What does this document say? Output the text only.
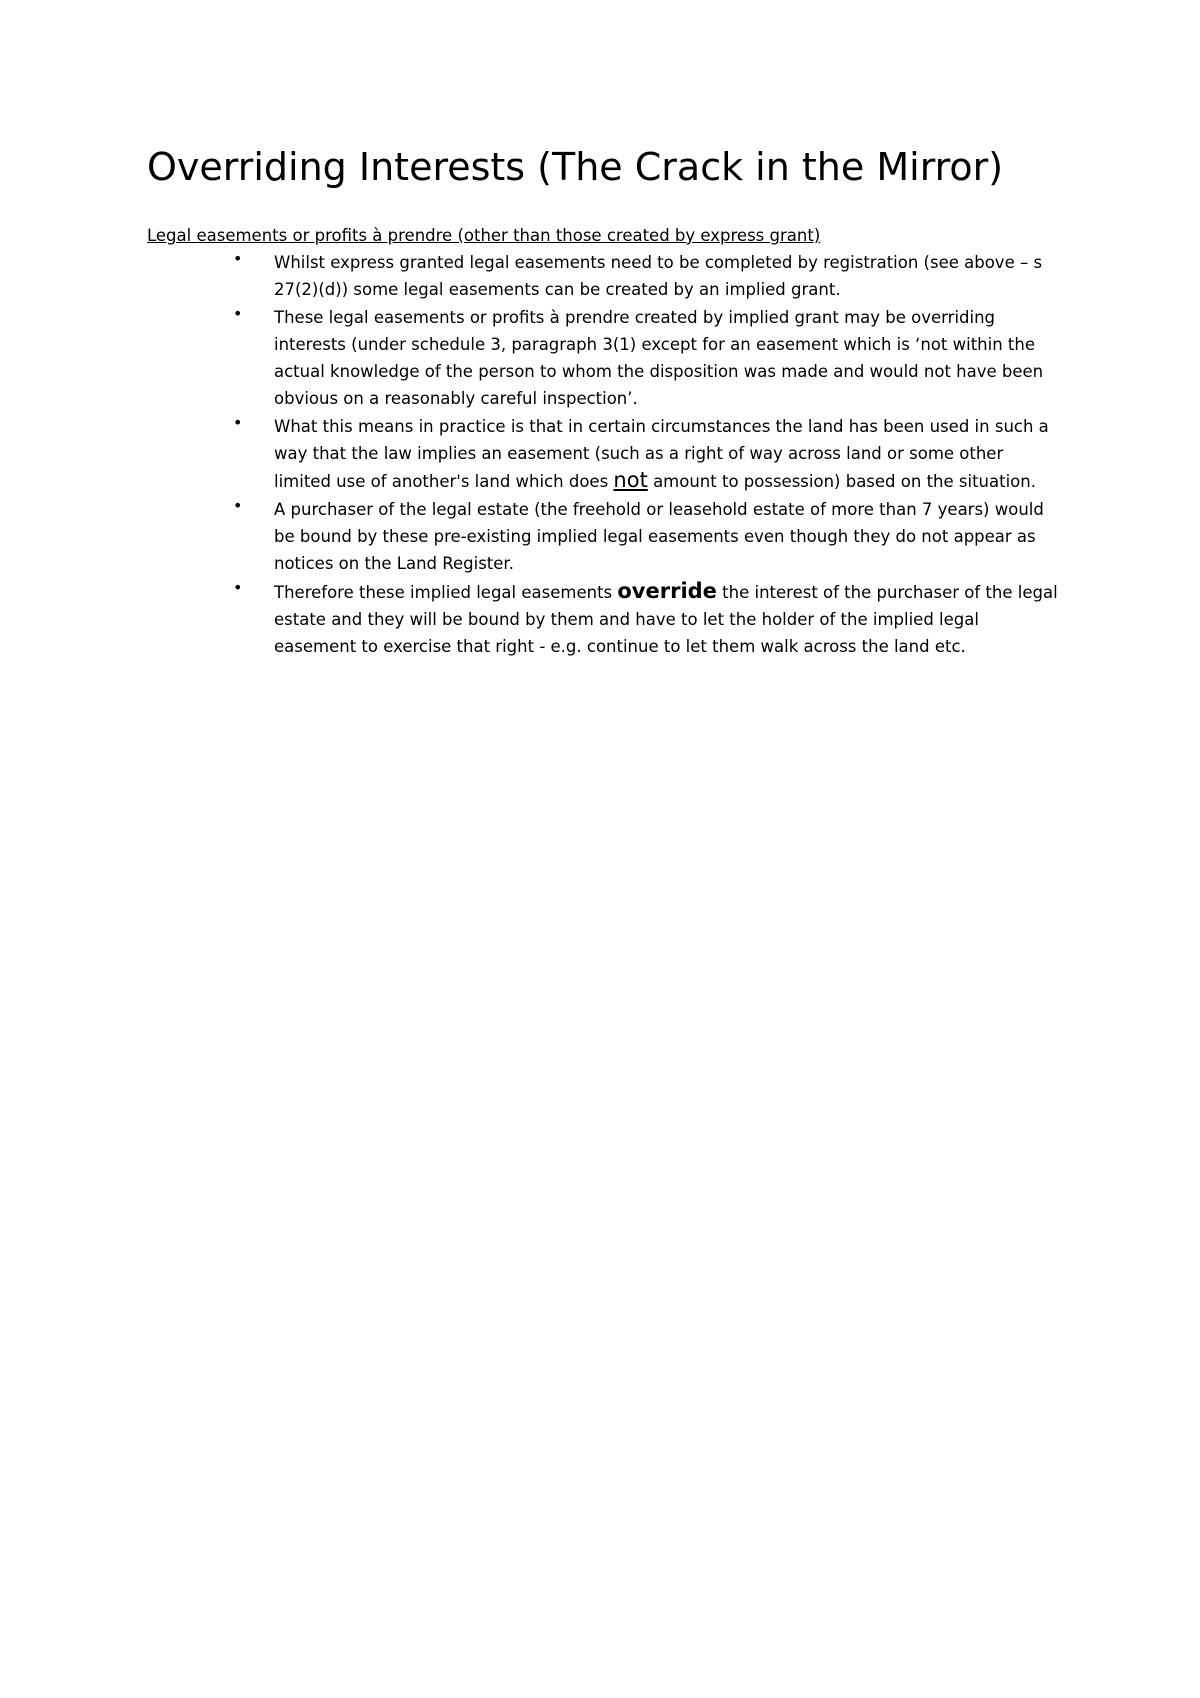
Overriding Interests (The Crack in the Mirror)

Legal easements or profits à prendre (other than those created by express grant)

• Whilst express granted legal easements need to be completed by registration (see above – s 27(2)(d)) some legal easements can be created by an implied grant.
• These legal easements or profits à prendre created by implied grant may be overriding interests (under schedule 3, paragraph 3(1) except for an easement which is ‘not within the actual knowledge of the person to whom the disposition was made and would not have been obvious on a reasonably careful inspection’.
• What this means in practice is that in certain circumstances the land has been used in such a way that the law implies an easement (such as a right of way across land or some other limited use of another's land which does not amount to possession) based on the situation.
• A purchaser of the legal estate (the freehold or leasehold estate of more than 7 years) would be bound by these pre-existing implied legal easements even though they do not appear as notices on the Land Register.
• Therefore these implied legal easements override the interest of the purchaser of the legal estate and they will be bound by them and have to let the holder of the implied legal easement to exercise that right - e.g. continue to let them walk across the land etc.
